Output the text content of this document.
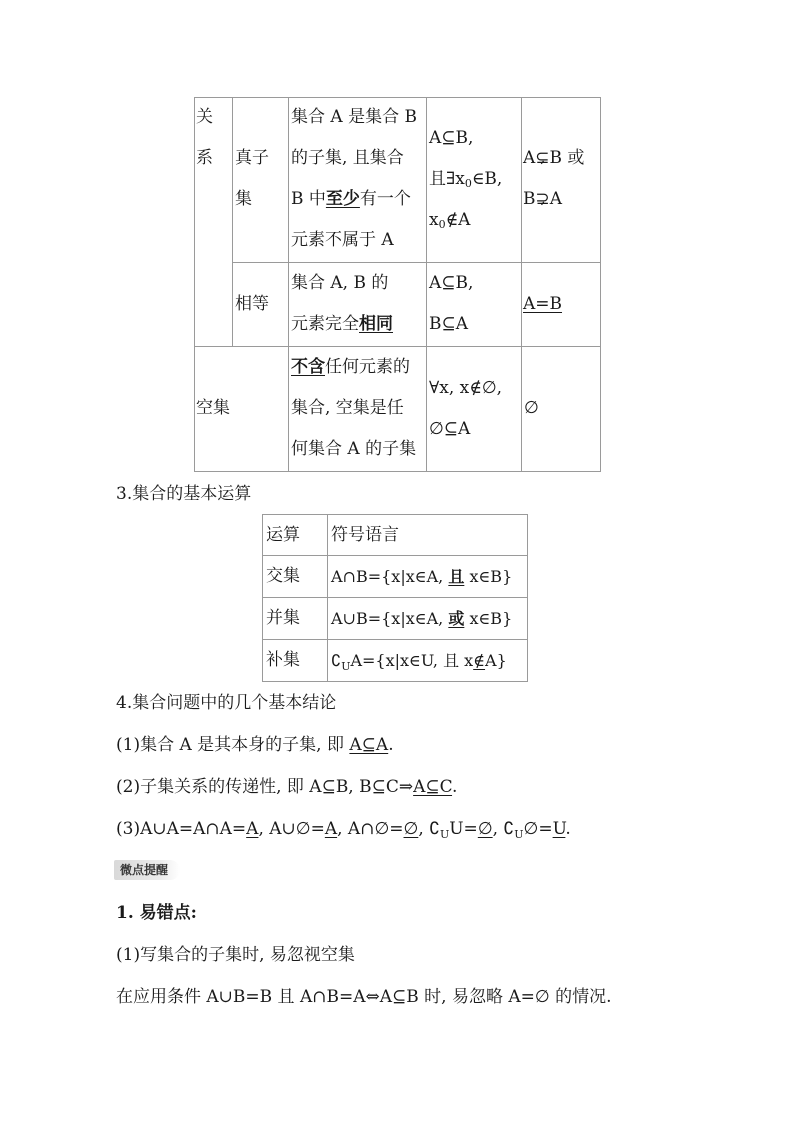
关
系 真子
集
集合 A 是集合 B
的子集, 且集合
B 中至少有一个
元素不属于 A
A⊆B,
且$\exists x_0\in B$,
$x_0\notin A$
A⊊B 或
B⊋A
相等
集合 A, B 的
元素完全相同
A⊆B,
B⊆A
A=B
空集
不含任何元素的
集合, 空集是任
何集合 A 的子集
∀x, x∉∅,
∅⊆A
∅
3.集合的基本运算
运算 符号语言
交集 A∩B={x|x∈A, 且 x∈B}
并集 A∪B={x|x∈A, 或 x∈B}
补集 $∁_UA=\{x|x\in U$, 且 x∉A}
4.集合问题中的几个基本结论
(1)集合 A 是其本身的子集, 即 A⊆A.
(2)子集关系的传递性, 即 A⊆B, B⊆C⇒A⊆C.
(3)A∪A=A∩A=A, A∪∅=A, A∩∅=∅, $∁_UU=\emptyset$, $∁_U\emptyset=U$.
微点提醒
1. 易错点:
(1)写集合的子集时, 易忽视空集
在应用条件 A∪B=B 且 A∩B=A⇔A⊆B 时, 易忽略 A=∅ 的情况.
